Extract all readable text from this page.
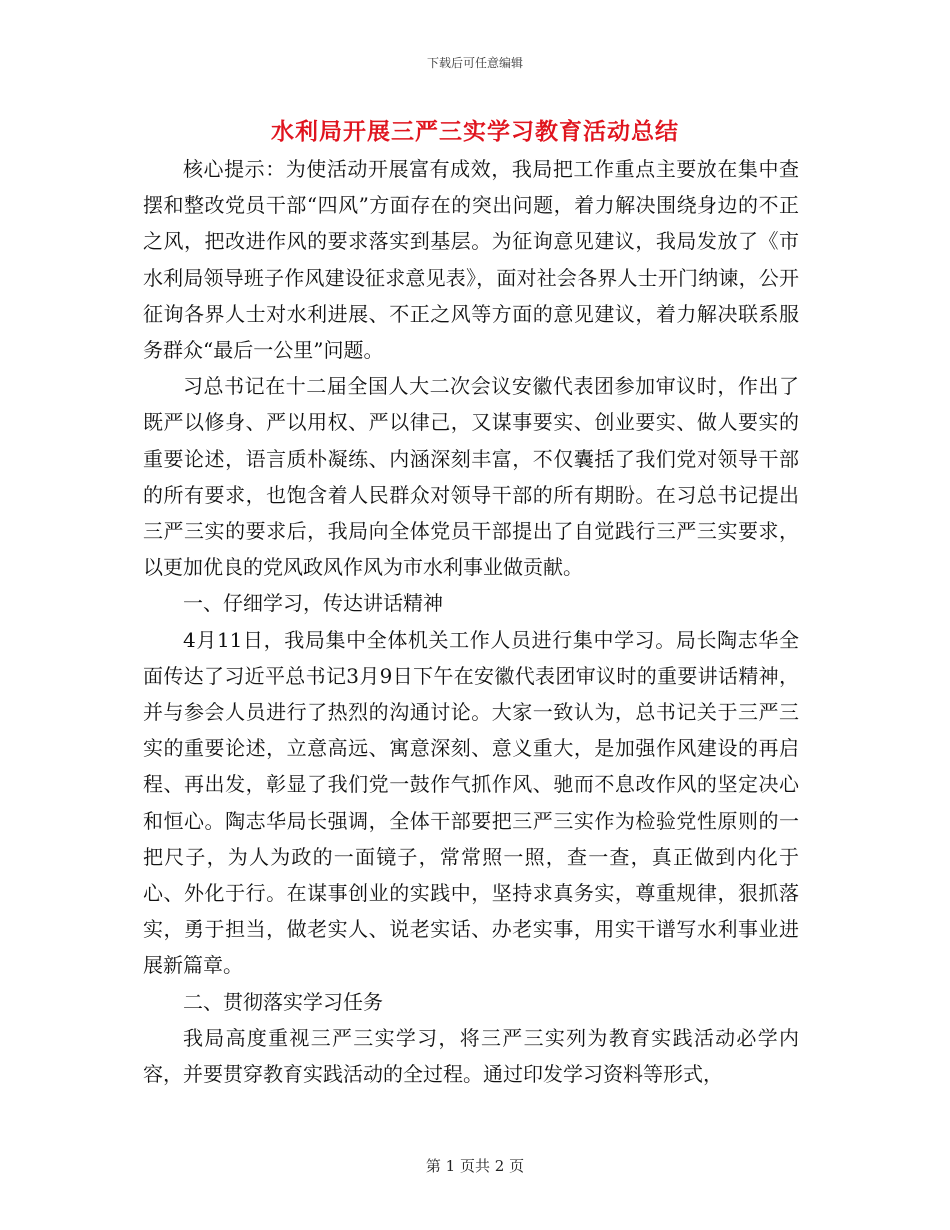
下载后可任意编辑
水利局开展三严三实学习教育活动总结

核心提示：为使活动开展富有成效，我局把工作重点主要放在集中查摆和整改党员干部“四风”方面存在的突出问题，着力解决围绕身边的不正之风，把改进作风的要求落实到基层。为征询意见建议，我局发放了《市水利局领导班子作风建设征求意见表》，面对社会各界人士开门纳谏，公开征询各界人士对水利进展、不正之风等方面的意见建议，着力解决联系服务群众“最后一公里”问题。

习总书记在十二届全国人大二次会议安徽代表团参加审议时，作出了既严以修身、严以用权、严以律己，又谋事要实、创业要实、做人要实的重要论述，语言质朴凝练、内涵深刻丰富，不仅囊括了我们党对领导干部的所有要求，也饱含着人民群众对领导干部的所有期盼。在习总书记提出三严三实的要求后，我局向全体党员干部提出了自觉践行三严三实要求，以更加优良的党风政风作风为市水利事业做贡献。

一、仔细学习，传达讲话精神

4月11日，我局集中全体机关工作人员进行集中学习。局长陶志华全面传达了习近平总书记3月9日下午在安徽代表团审议时的重要讲话精神，并与参会人员进行了热烈的沟通讨论。大家一致认为，总书记关于三严三实的重要论述，立意高远、寓意深刻、意义重大，是加强作风建设的再启程、再出发，彰显了我们党一鼓作气抓作风、驰而不息改作风的坚定决心和恒心。陶志华局长强调，全体干部要把三严三实作为检验党性原则的一把尺子，为人为政的一面镜子，常常照一照，查一查，真正做到内化于心、外化于行。在谋事创业的实践中，坚持求真务实，尊重规律，狠抓落实，勇于担当，做老实人、说老实话、办老实事，用实干谱写水利事业进展新篇章。

二、贯彻落实学习任务

我局高度重视三严三实学习，将三严三实列为教育实践活动必学内容，并要贯穿教育实践活动的全过程。通过印发学习资料等形式，

第 1 页共 2 页
